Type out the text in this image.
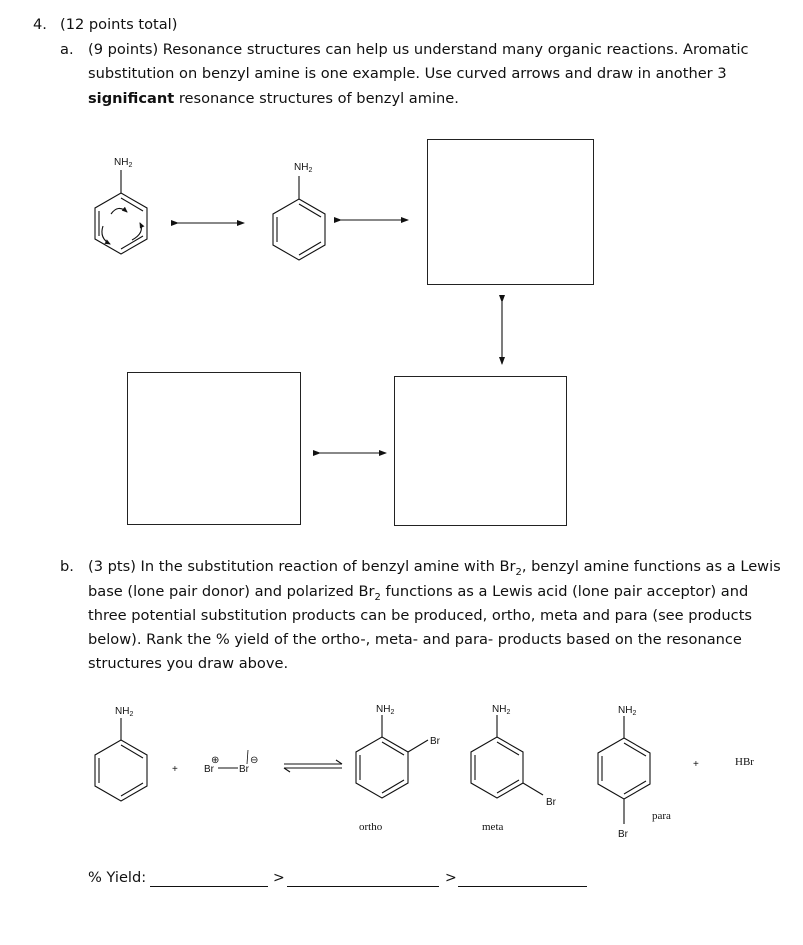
4. (12 points total)
a. (9 points) Resonance structures can help us understand many organic reactions. Aromatic
substitution on benzyl amine is one example. Use curved arrows and draw in another 3
significant resonance structures of benzyl amine.
b. (3 pts) In the substitution reaction of benzyl amine with $Br_2$, benzyl amine functions as a Lewis
base (lone pair donor) and polarized $Br_2$ functions as a Lewis acid (lone pair acceptor) and
three potential substitution products can be produced, ortho, meta and para (see products
below). Rank the % yield of the ortho-, meta- and para- products based on the resonance
structures you draw above.
$NH_2$	$NH_2$
$NH_2$	$NH_2$	$NH_2$	$NH_2$
+	Br	Br
⊕	⊖
Br
Br
Br
ortho	meta
para
+	HBr
% Yield:	>	>
